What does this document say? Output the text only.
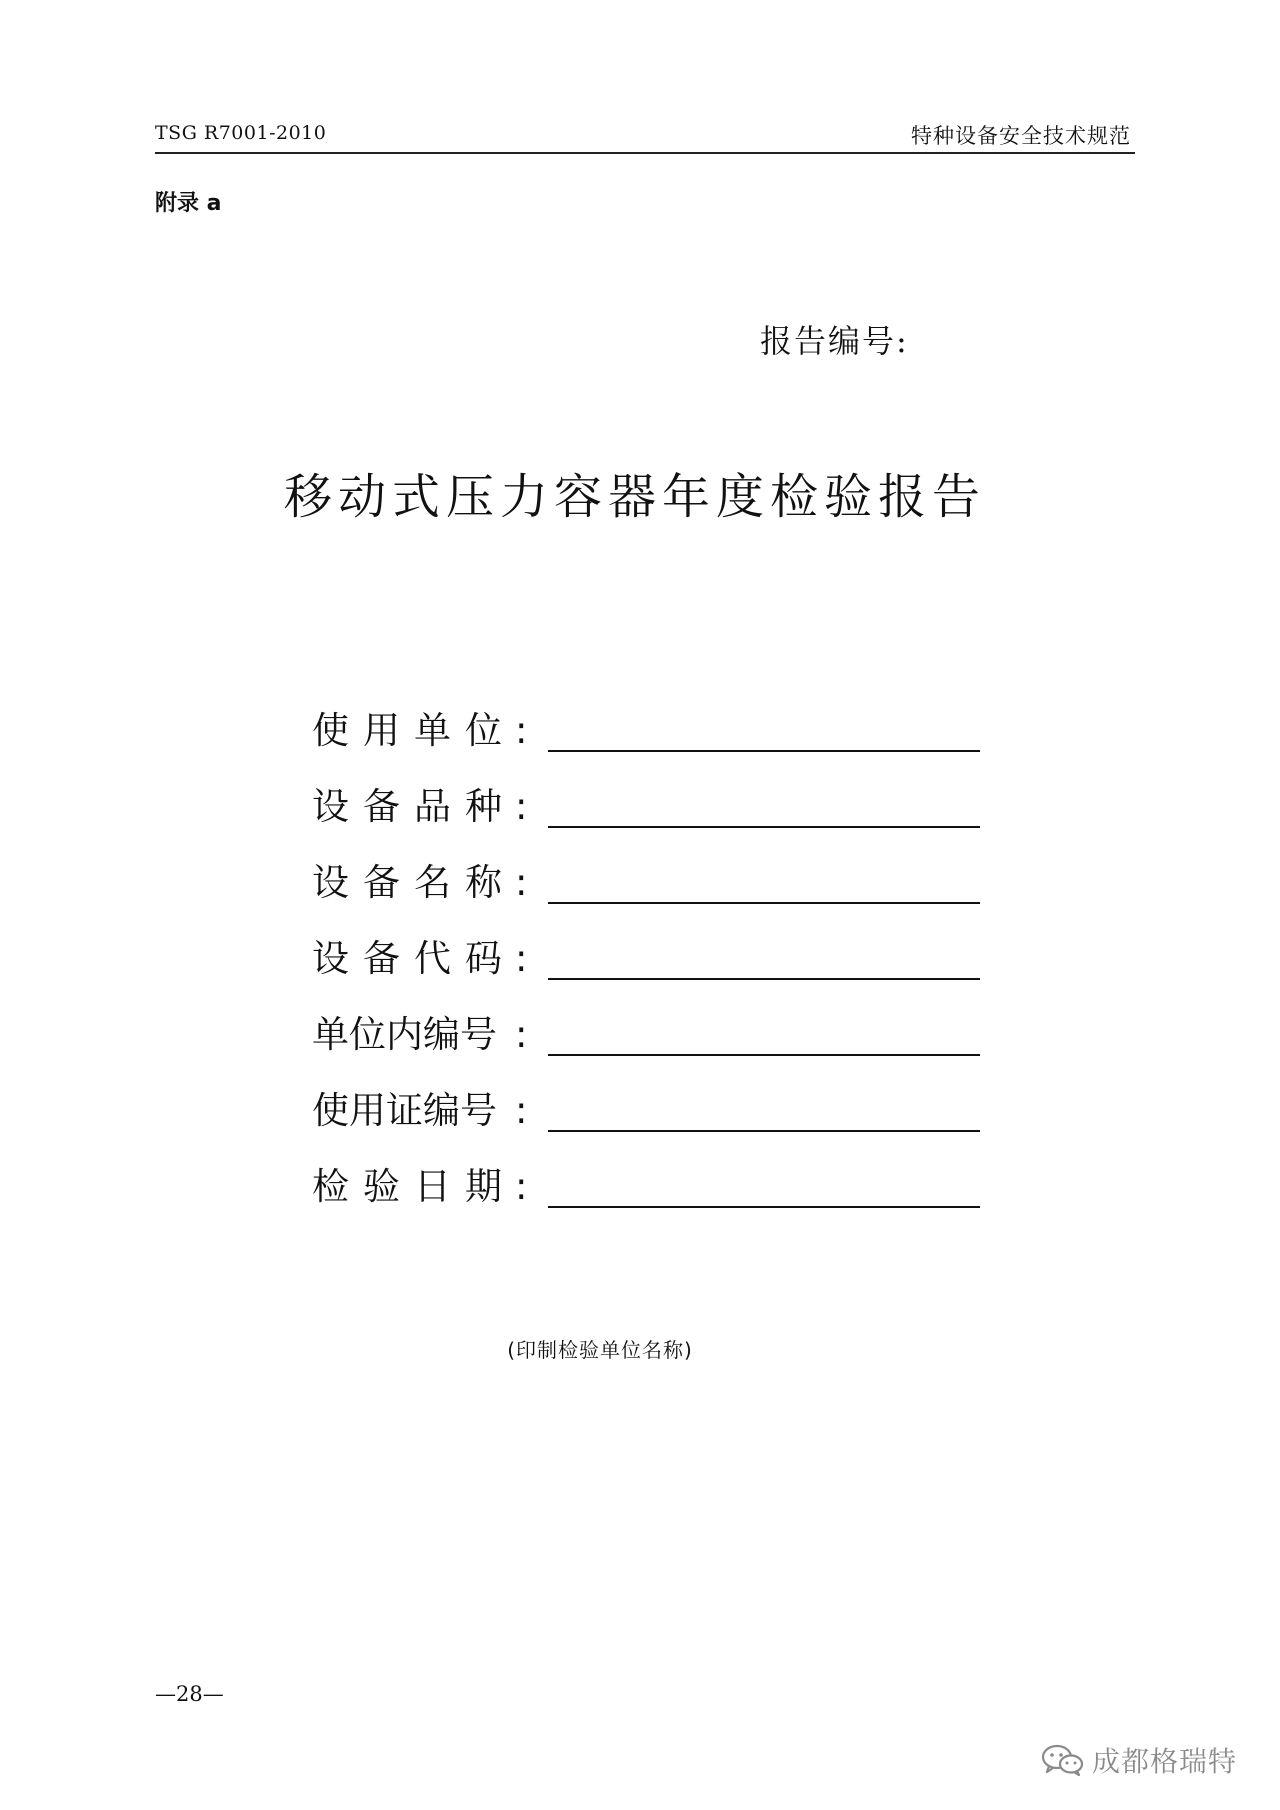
TSG R7001-2010	特种设备安全技术规范
附录 a
报告编号:
移动式压力容器年度检验报告
使 用 单 位 :
设 备 品 种 :
设 备 名 称 :
设 备 代 码 :
单位内编号 :
使用证编号 :
检 验 日 期 :
(印制检验单位名称)
—28—
成都格瑞特
